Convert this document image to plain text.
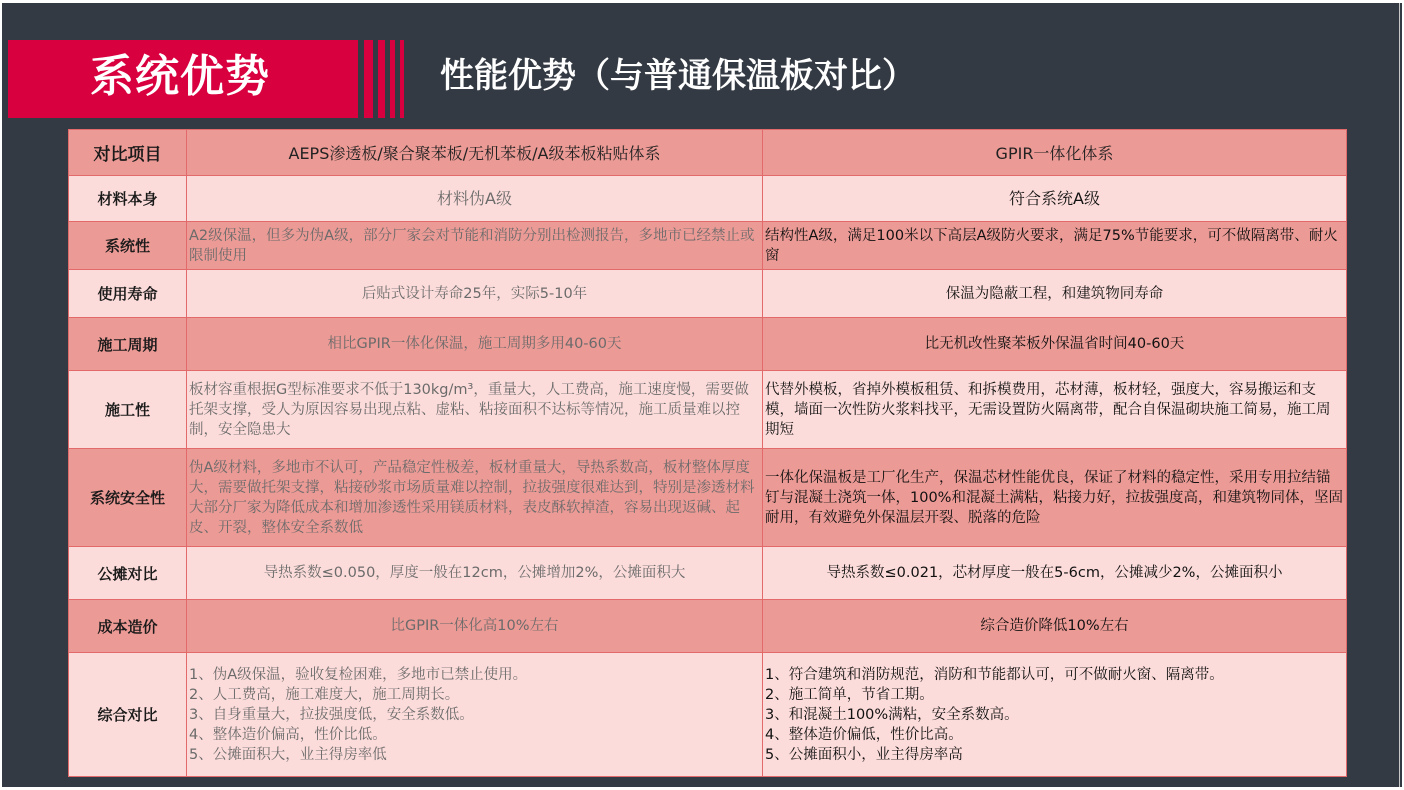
系统优势	性能优势（与普通保温板对比）
对比项目	AEPS渗透板/聚合聚苯板/无机苯板/A级苯板粘贴体系	GPIR一体化体系
材料本身	材料伪A级	符合系统A级
系统性	A2级保温，但多为伪A级，部分厂家会对节能和消防分别出检测报告，多地市已经禁止或限制使用	结构性A级，满足100米以下高层A级防火要求，满足75%节能要求，可不做隔离带、耐火窗
使用寿命	后贴式设计寿命25年，实际5-10年	保温为隐蔽工程，和建筑物同寿命
施工周期	相比GPIR一体化保温，施工周期多用40-60天	比无机改性聚苯板外保温省时间40-60天
施工性	板材容重根据G型标准要求不低于130kg/m³，重量大，人工费高，施工速度慢，需要做托架支撑，受人为原因容易出现点粘、虚粘、粘接面积不达标等情况，施工质量难以控制，安全隐患大	代替外模板，省掉外模板租赁、和拆模费用，芯材薄，板材轻，强度大，容易搬运和支模，墙面一次性防火浆料找平，无需设置防火隔离带，配合自保温砌块施工简易，施工周期短
系统安全性	伪A级材料，多地市不认可，产品稳定性极差，板材重量大，导热系数高，板材整体厚度大，需要做托架支撑，粘接砂浆市场质量难以控制，拉拔强度很难达到，特别是渗透材料大部分厂家为降低成本和增加渗透性采用镁质材料，表皮酥软掉渣，容易出现返碱、起皮、开裂，整体安全系数低	一体化保温板是工厂化生产，保温芯材性能优良，保证了材料的稳定性，采用专用拉结锚钉与混凝土浇筑一体，100%和混凝土满粘，粘接力好，拉拔强度高，和建筑物同体，坚固耐用，有效避免外保温层开裂、脱落的危险
公摊对比	导热系数≤0.050，厚度一般在12cm，公摊增加2%，公摊面积大	导热系数≤0.021，芯材厚度一般在5-6cm，公摊减少2%，公摊面积小
成本造价	比GPIR一体化高10%左右	综合造价降低10%左右
综合对比	1、伪A级保温，验收复检困难，多地市已禁止使用。
2、人工费高，施工难度大，施工周期长。
3、自身重量大，拉拔强度低，安全系数低。
4、整体造价偏高，性价比低。
5、公摊面积大，业主得房率低	1、符合建筑和消防规范，消防和节能都认可，可不做耐火窗、隔离带。
2、施工简单，节省工期。
3、和混凝土100%满粘，安全系数高。
4、整体造价偏低，性价比高。
5、公摊面积小，业主得房率高
